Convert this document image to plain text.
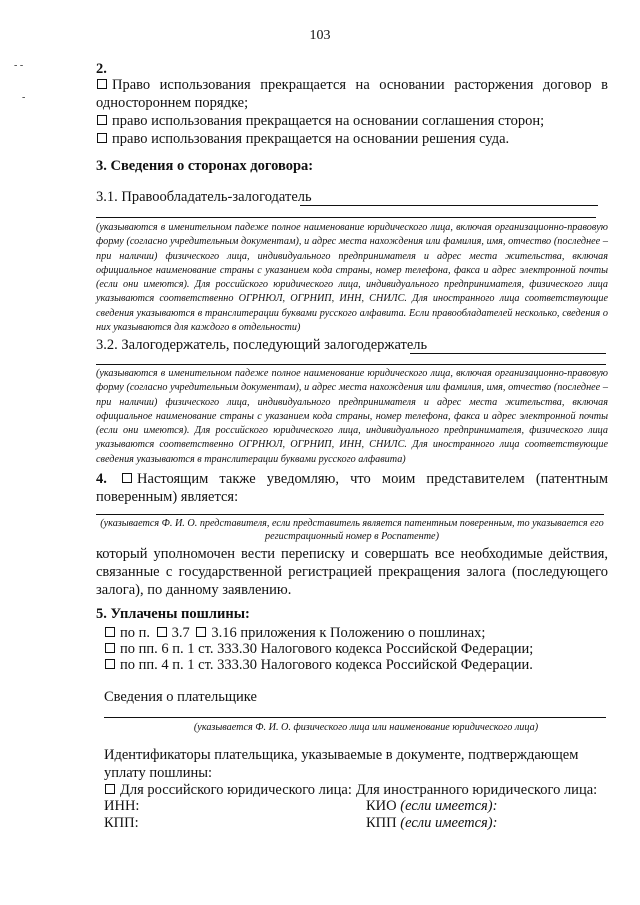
103
- -
-
2.
Право использования прекращается на основании расторжения договор в одностороннем порядке;
право использования прекращается на основании соглашения сторон;
право использования прекращается на основании решения суда.
3. Сведения о сторонах договора:
3.1. Правообладатель-залогодатель
(указываются в именительном падеже полное наименование юридического лица, включая организационно-правовую форму (согласно учредительным документам), и адрес места нахождения или фамилия, имя, отчество (последнее – при наличии) физического лица, индивидуального предпринимателя и адрес места жительства, включая официальное наименование страны с указанием кода страны, номер телефона, факса и адрес электронной почты (если они имеются). Для российского юридического лица, индивидуального предпринимателя, физического лица указываются соответственно ОГРНЮЛ, ОГРНИП, ИНН, СНИЛС. Для иностранного лица соответствующие сведения указываются в транслитерации буквами русского алфавита. Если правообладателей несколько, сведения о них указываются для каждого в отдельности)
3.2. Залогодержатель, последующий залогодержатель
(указываются в именительном падеже полное наименование юридического лица, включая организационно-правовую форму (согласно учредительным документам), и адрес места нахождения или фамилия, имя, отчество (последнее – при наличии) физического лица, индивидуального предпринимателя и адрес места жительства, включая официальное наименование страны с указанием кода страны, номер телефона, факса и адрес электронной почты (если они имеются). Для российского юридического лица, индивидуального предпринимателя, физического лица указываются соответственно ОГРНЮЛ, ОГРНИП, ИНН, СНИЛС. Для иностранного лица соответствующие сведения указываются в транслитерации буквами русского алфавита)
4. Настоящим также уведомляю, что моим представителем (патентным поверенным) является:
(указывается Ф. И. О. представителя, если представитель является патентным поверенным, то указывается его регистрационный номер в Роспатенте)
который уполномочен вести переписку и совершать все необходимые действия, связанные с государственной регистрацией прекращения залога (последующего залога), по данному заявлению.
5. Уплачены пошлины:
по п. 3.7 3.16 приложения к Положению о пошлинах;
по пп. 6 п. 1 ст. 333.30 Налогового кодекса Российской Федерации;
по пп. 4 п. 1 ст. 333.30 Налогового кодекса Российской Федерации.
Сведения о плательщике
(указывается Ф. И. О. физического лица или наименование юридического лица)
Идентификаторы плательщика, указываемые в документе, подтверждающем уплату пошлины:
Для российского юридического лица: Для иностранного юридического лица:
ИНН:	КИО (если имеется):
КПП:	КПП (если имеется):
